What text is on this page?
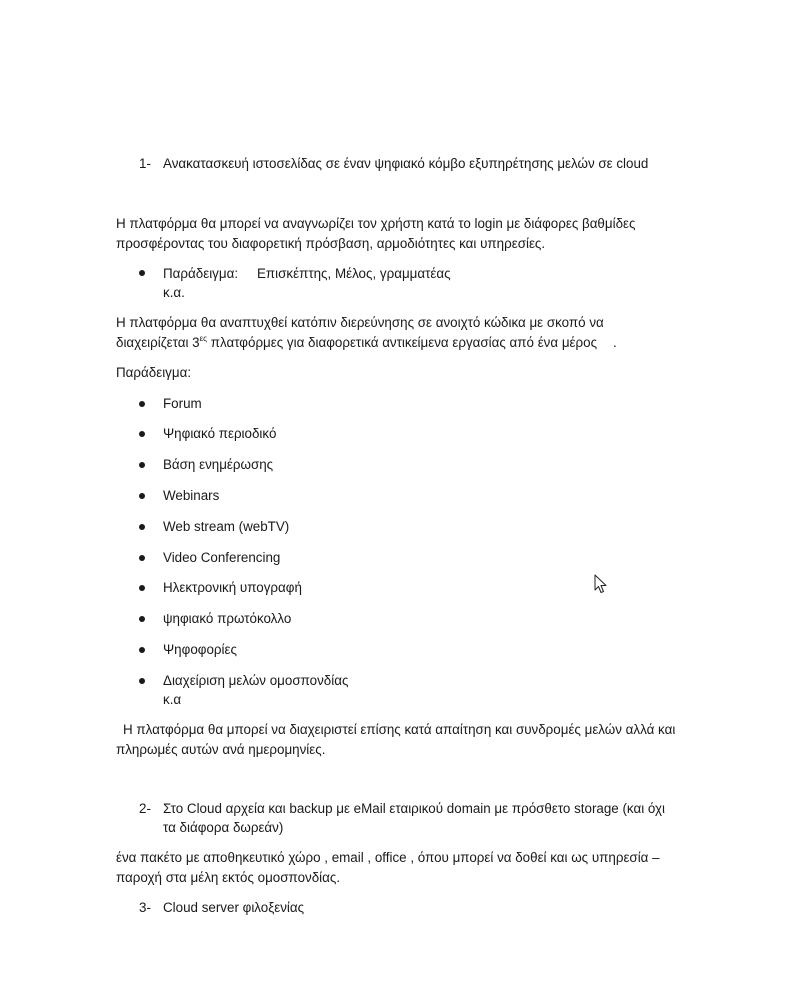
1- Ανακατασκευή ιστοσελίδας σε έναν ψηφιακό κόμβο εξυπηρέτησης μελών σε cloud
Η πλατφόρμα θα μπορεί να αναγνωρίζει τον χρήστη κατά το login με διάφορες βαθμίδες
προσφέροντας του διαφορετική πρόσβαση, αρμοδιότητες και υπηρεσίες.
Παράδειγμα: Επισκέπτης, Μέλος, γραμματέας
κ.α.
Η πλατφόρμα θα αναπτυχθεί κατόπιν διερεύνησης σε ανοιχτό κώδικα με σκοπό να
διαχειρίζεται $3^{\varepsilon\varsigma}$ πλατφόρμες για διαφορετικά αντικείμενα εργασίας από ένα μέρος .
Παράδειγμα:
Forum
Ψηφιακό περιοδικό
Βάση ενημέρωσης
Webinars
Web stream (webTV)
Video Conferencing
Ηλεκτρονική υπογραφή
ψηφιακό πρωτόκολλο
Ψηφοφορίες
Διαχείριση μελών ομοσπονδίας
κ.α
Η πλατφόρμα θα μπορεί να διαχειριστεί επίσης κατά απαίτηση και συνδρομές μελών αλλά και
πληρωμές αυτών ανά ημερομηνίες.
2- Στο Cloud αρχεία και backup με eMail εταιρικού domain με πρόσθετο storage (και όχι
τα διάφορα δωρεάν)
ένα πακέτο με αποθηκευτικό χώρο , email , office , όπου μπορεί να δοθεί και ως υπηρεσία –
παροχή στα μέλη εκτός ομοσπονδίας.
3- Cloud server φιλοξενίας
